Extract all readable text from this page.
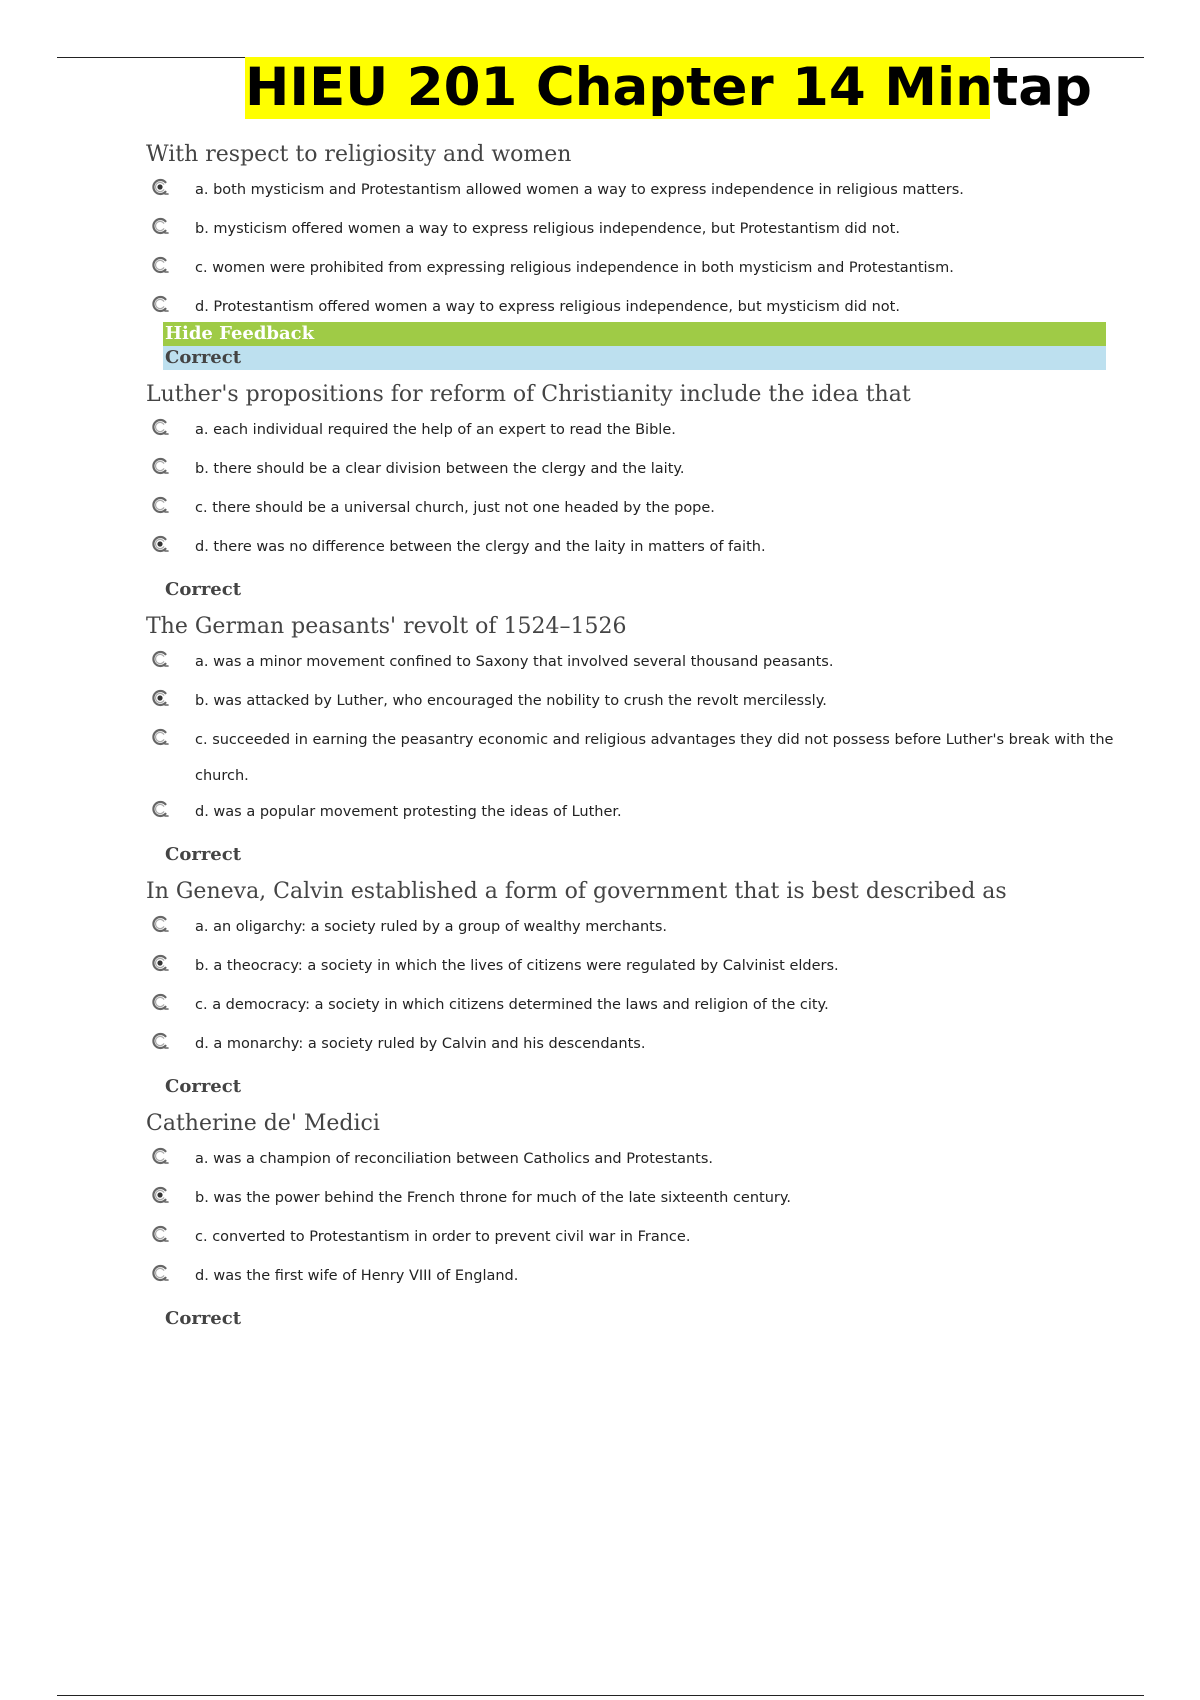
HIEU 201 Chapter 14 Mintap
With respect to religiosity and women
a. both mysticism and Protestantism allowed women a way to express independence in religious matters.
b. mysticism offered women a way to express religious independence, but Protestantism did not.
c. women were prohibited from expressing religious independence in both mysticism and Protestantism.
d. Protestantism offered women a way to express religious independence, but mysticism did not.
Hide Feedback
Correct
Luther's propositions for reform of Christianity include the idea that
a. each individual required the help of an expert to read the Bible.
b. there should be a clear division between the clergy and the laity.
c. there should be a universal church, just not one headed by the pope.
d. there was no difference between the clergy and the laity in matters of faith.
Correct
The German peasants' revolt of 1524–1526
a. was a minor movement confined to Saxony that involved several thousand peasants.
b. was attacked by Luther, who encouraged the nobility to crush the revolt mercilessly.
c. succeeded in earning the peasantry economic and religious advantages they did not possess before Luther's break with the church.
d. was a popular movement protesting the ideas of Luther.
Correct
In Geneva, Calvin established a form of government that is best described as
a. an oligarchy: a society ruled by a group of wealthy merchants.
b. a theocracy: a society in which the lives of citizens were regulated by Calvinist elders.
c. a democracy: a society in which citizens determined the laws and religion of the city.
d. a monarchy: a society ruled by Calvin and his descendants.
Correct
Catherine de' Medici
a. was a champion of reconciliation between Catholics and Protestants.
b. was the power behind the French throne for much of the late sixteenth century.
c. converted to Protestantism in order to prevent civil war in France.
d. was the first wife of Henry VIII of England.
Correct
